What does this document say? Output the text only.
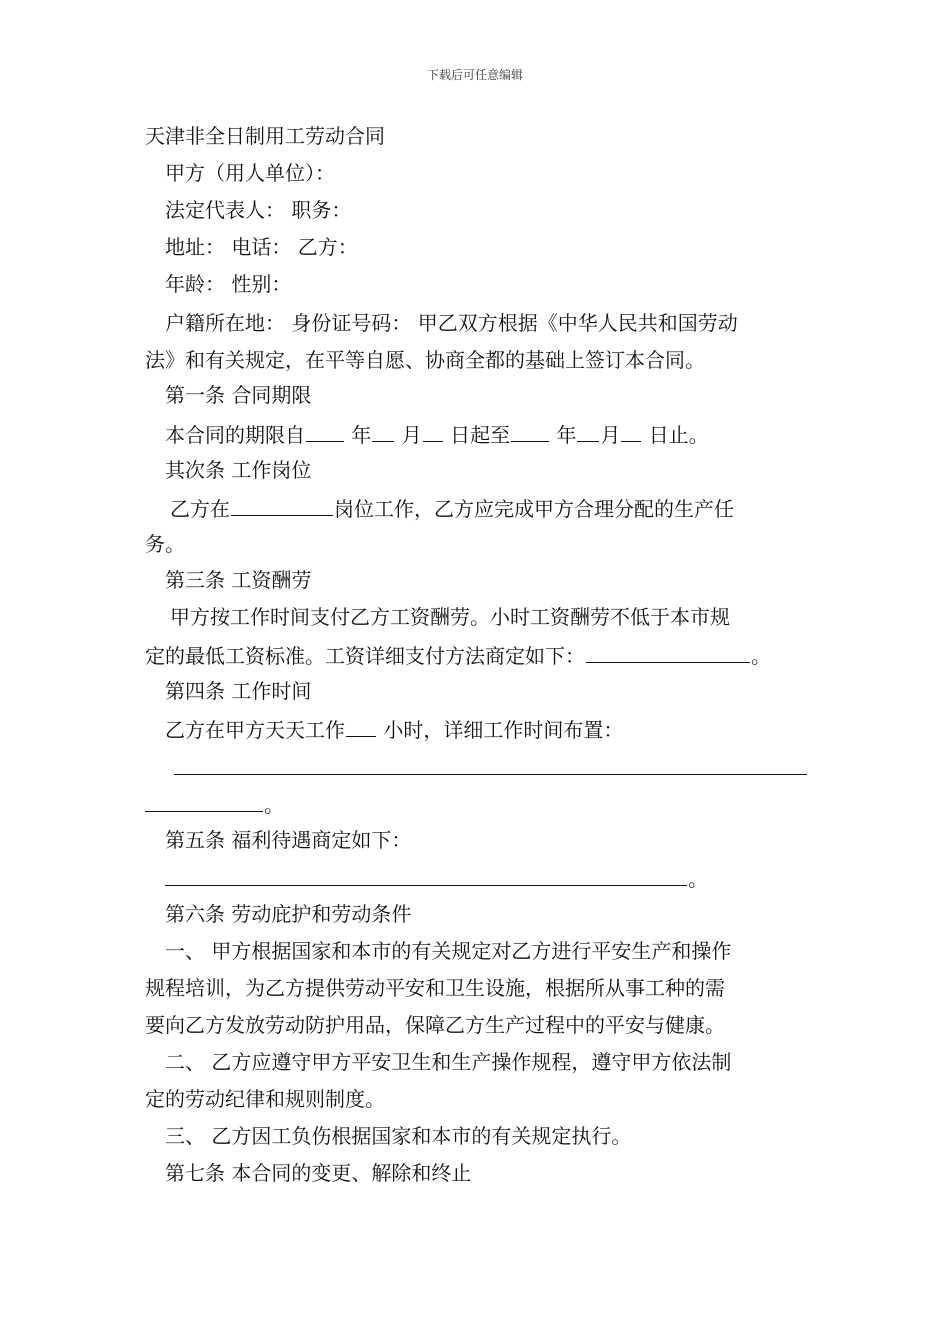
下载后可任意编辑
天津非全日制用工劳动合同
甲方（用人单位）：
法定代表人： 职务：
地址： 电话： 乙方：
年龄： 性别：
户籍所在地： 身份证号码： 甲乙双方根据《中华人民共和国劳动
法》和有关规定，在平等自愿、协商全都的基础上签订本合同。
第一条 合同期限
本合同的期限自 年 月 日起至 年 月 日止。
其次条 工作岗位
乙方在	岗位工作，乙方应完成甲方合理分配的生产任
务。
第三条 工资酬劳
甲方按工作时间支付乙方工资酬劳。小时工资酬劳不低于本市规
定的最低工资标准。工资详细支付方法商定如下：	。
第四条 工作时间
乙方在甲方天天工作 小时，详细工作时间布置：
。
第五条 福利待遇商定如下：
。
第六条 劳动庇护和劳动条件
一、 甲方根据国家和本市的有关规定对乙方进行平安生产和操作
规程培训，为乙方提供劳动平安和卫生设施，根据所从事工种的需
要向乙方发放劳动防护用品，保障乙方生产过程中的平安与健康。
二、 乙方应遵守甲方平安卫生和生产操作规程，遵守甲方依法制
定的劳动纪律和规则制度。
三、 乙方因工负伤根据国家和本市的有关规定执行。
第七条 本合同的变更、解除和终止
